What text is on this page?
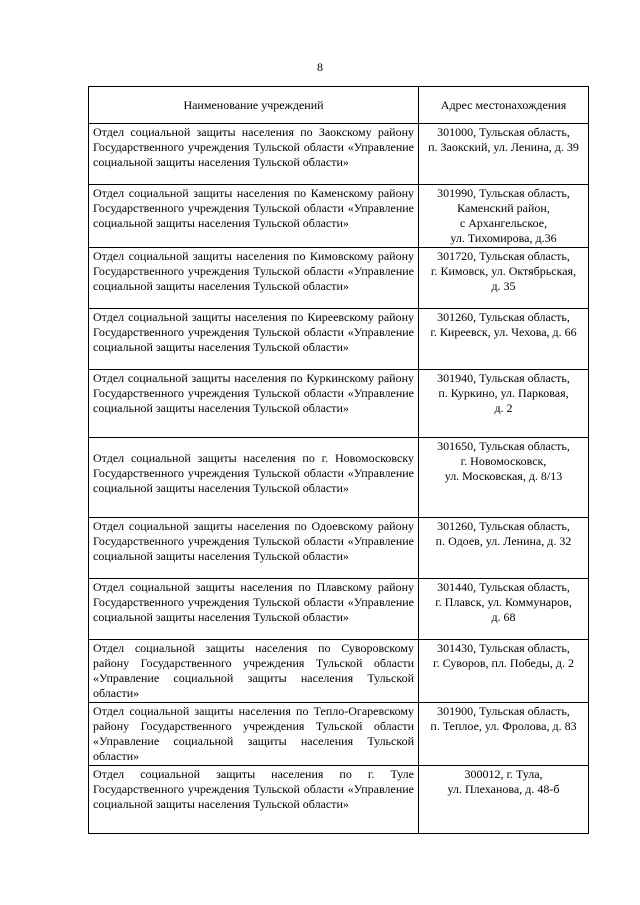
8
Наименование учреждений	Адрес местонахождения
Отдел социальной защиты населения по Заокскому району Государственного учреждения Тульской области «Управление социальной защиты населения Тульской области»	301000, Тульская область,
п. Заокский, ул. Ленина, д. 39

Отдел социальной защиты населения по Каменскому району Государственного учреждения Тульской области «Управление социальной защиты населения Тульской области»	301990, Тульская область,
Каменский район,
с Архангельское,
ул. Тихомирова, д.36

Отдел социальной защиты населения по Кимовскому району Государственного учреждения Тульской области «Управление социальной защиты населения Тульской области»	301720, Тульская область,
г. Кимовск, ул. Октябрьская,
д. 35

Отдел социальной защиты населения по Киреевскому району Государственного учреждения Тульской области «Управление социальной защиты населения Тульской области»	301260, Тульская область,
г. Киреевск, ул. Чехова, д. 66

Отдел социальной защиты населения по Куркинскому району Государственного учреждения Тульской области «Управление социальной защиты населения Тульской области»	301940, Тульская область,
п. Куркино, ул. Парковая,
д. 2

Отдел социальной защиты населения по г. Новомосковску Государственного учреждения Тульской области «Управление социальной защиты населения Тульской области»	301650, Тульская область,
г. Новомосковск,
ул. Московская, д. 8/13

Отдел социальной защиты населения по Одоевскому району Государственного учреждения Тульской области «Управление социальной защиты населения Тульской области»	301260, Тульская область,
п. Одоев, ул. Ленина, д. 32

Отдел социальной защиты населения по Плавскому району Государственного учреждения Тульской области «Управление социальной защиты населения Тульской области»	301440, Тульская область,
г. Плавск, ул. Коммунаров,
д. 68

Отдел социальной защиты населения по Суворовскому району Государственного учреждения Тульской области «Управление социальной защиты населения Тульской области»	301430, Тульская область,
г. Суворов, пл. Победы, д. 2

Отдел социальной защиты населения по Тепло-Огаревскому району Государственного учреждения Тульской области «Управление социальной защиты населения Тульской области»	301900, Тульская область,
п. Теплое, ул. Фролова, д. 83

Отдел социальной защиты населения по г. Туле Государственного учреждения Тульской области «Управление социальной защиты населения Тульской области»	300012, г. Тула,
ул. Плеханова, д. 48-б
